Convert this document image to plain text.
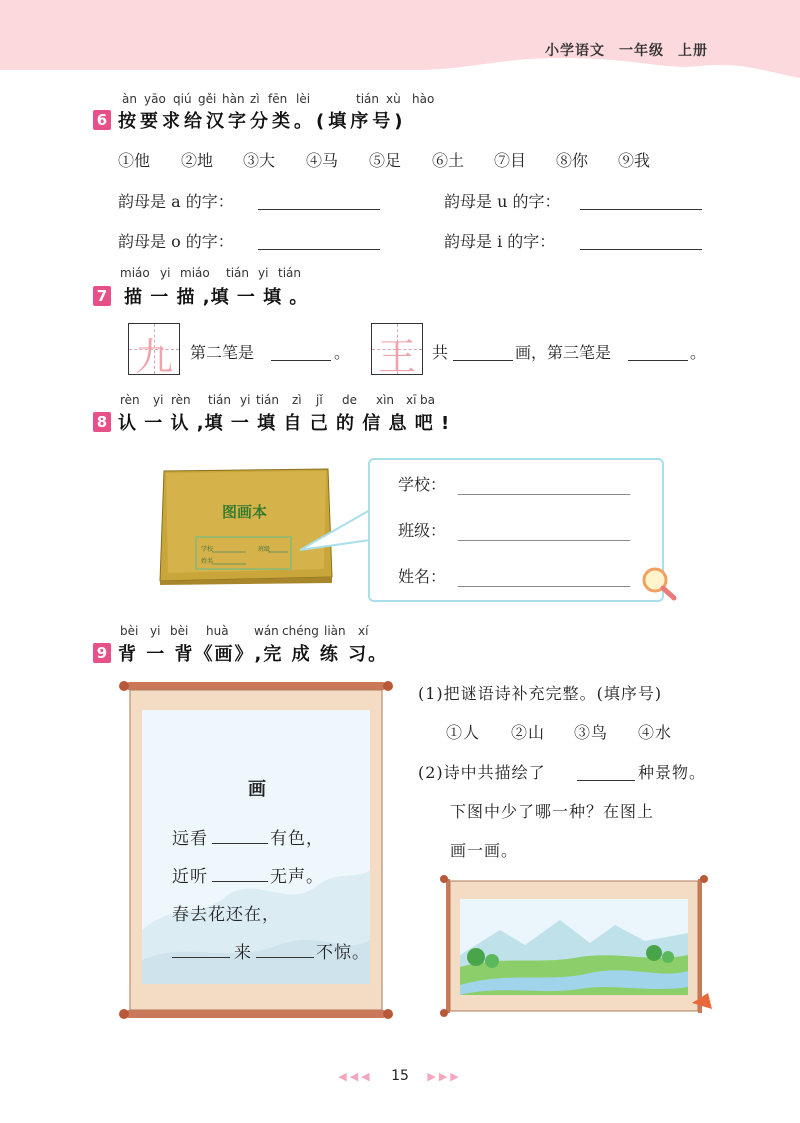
小学语文 一年级 上册
àn yāo qiú gěi hàn zì fēn lèi	tián xù hào
6 按要求给汉字分类。(填序号)
①他 ②地 ③大 ④马 ⑤足 ⑥土 ⑦目 ⑧你 ⑨我
韵母是 a 的字：	韵母是 u 的字：
韵母是 o 的字：	韵母是 i 的字：
miáo yi miáo tián yi tián
7 描 一 描 ,填 一 填 。
九	第二笔是	。 王	共	画，第三笔是	。
rèn yi rèn tián yi tián zì jǐ de xìn xī ba
8 认 一 认 ,填 一 填 自 己 的 信 息 吧 !
图画本
学校	班级
姓名
学校：
班级：
姓名：
bèi yi bèi huà wán chéng liàn xí
9 背 一 背《画》,完 成 练 习。
画
远看	有色，
近听	无声。
春去花还在，
来	不惊。
(1)把谜语诗补充完整。(填序号)
①人 ②山 ③鸟 ④水
(2)诗中共描绘了	种景物。
下图中少了哪一种？在图上
画一画。
◀◀◀ 15 ▶▶▶
